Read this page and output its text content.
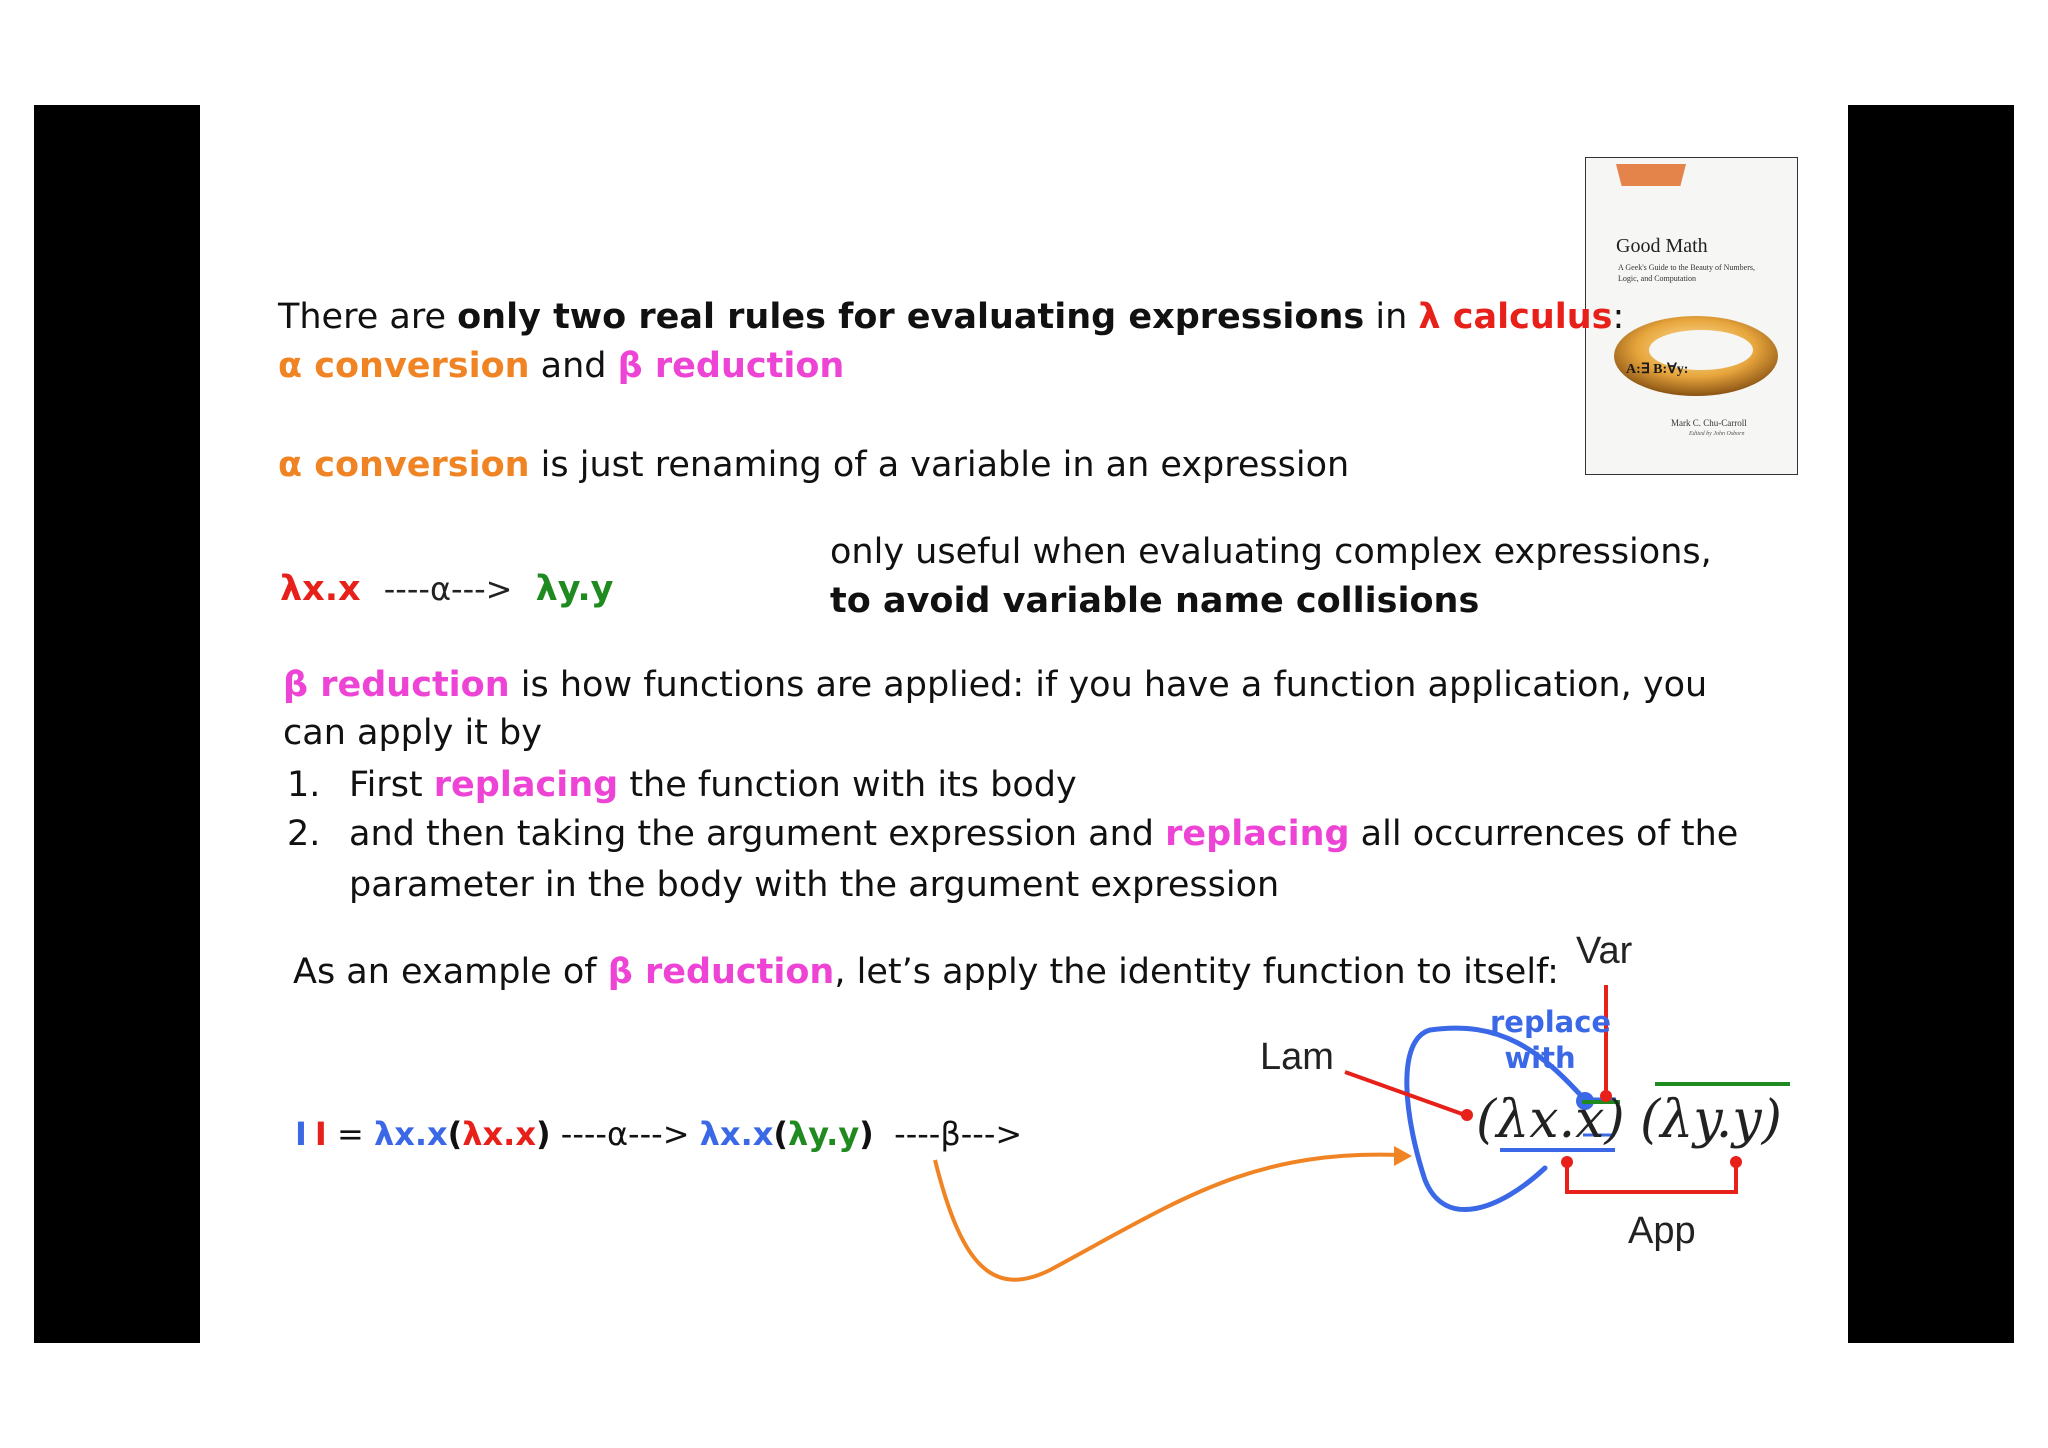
Good Math
A Geek's Guide to the Beauty of Numbers, Logic, and Computation
A:∃ B:∀y:
Mark C. Chu-Carroll
Edited by John Osborn
There are only two real rules for evaluating expressions in λ calculus:
α conversion and β reduction
α conversion is just renaming of a variable in an expression
λx.x ----α---> λy.y
only useful when evaluating complex expressions,
to avoid variable name collisions
β reduction is how functions are applied: if you have a function application, you
can apply it by
1. First replacing the function with its body
2. and then taking the argument expression and replacing all occurrences of the
parameter in the body with the argument expression
As an example of β reduction, let’s apply the identity function to itself:
I I = λx.x(λx.x) ----α---> λx.x(λy.y)  ----β--->
Var
Lam
App
replace
with
(λx.x) (λy.y)
